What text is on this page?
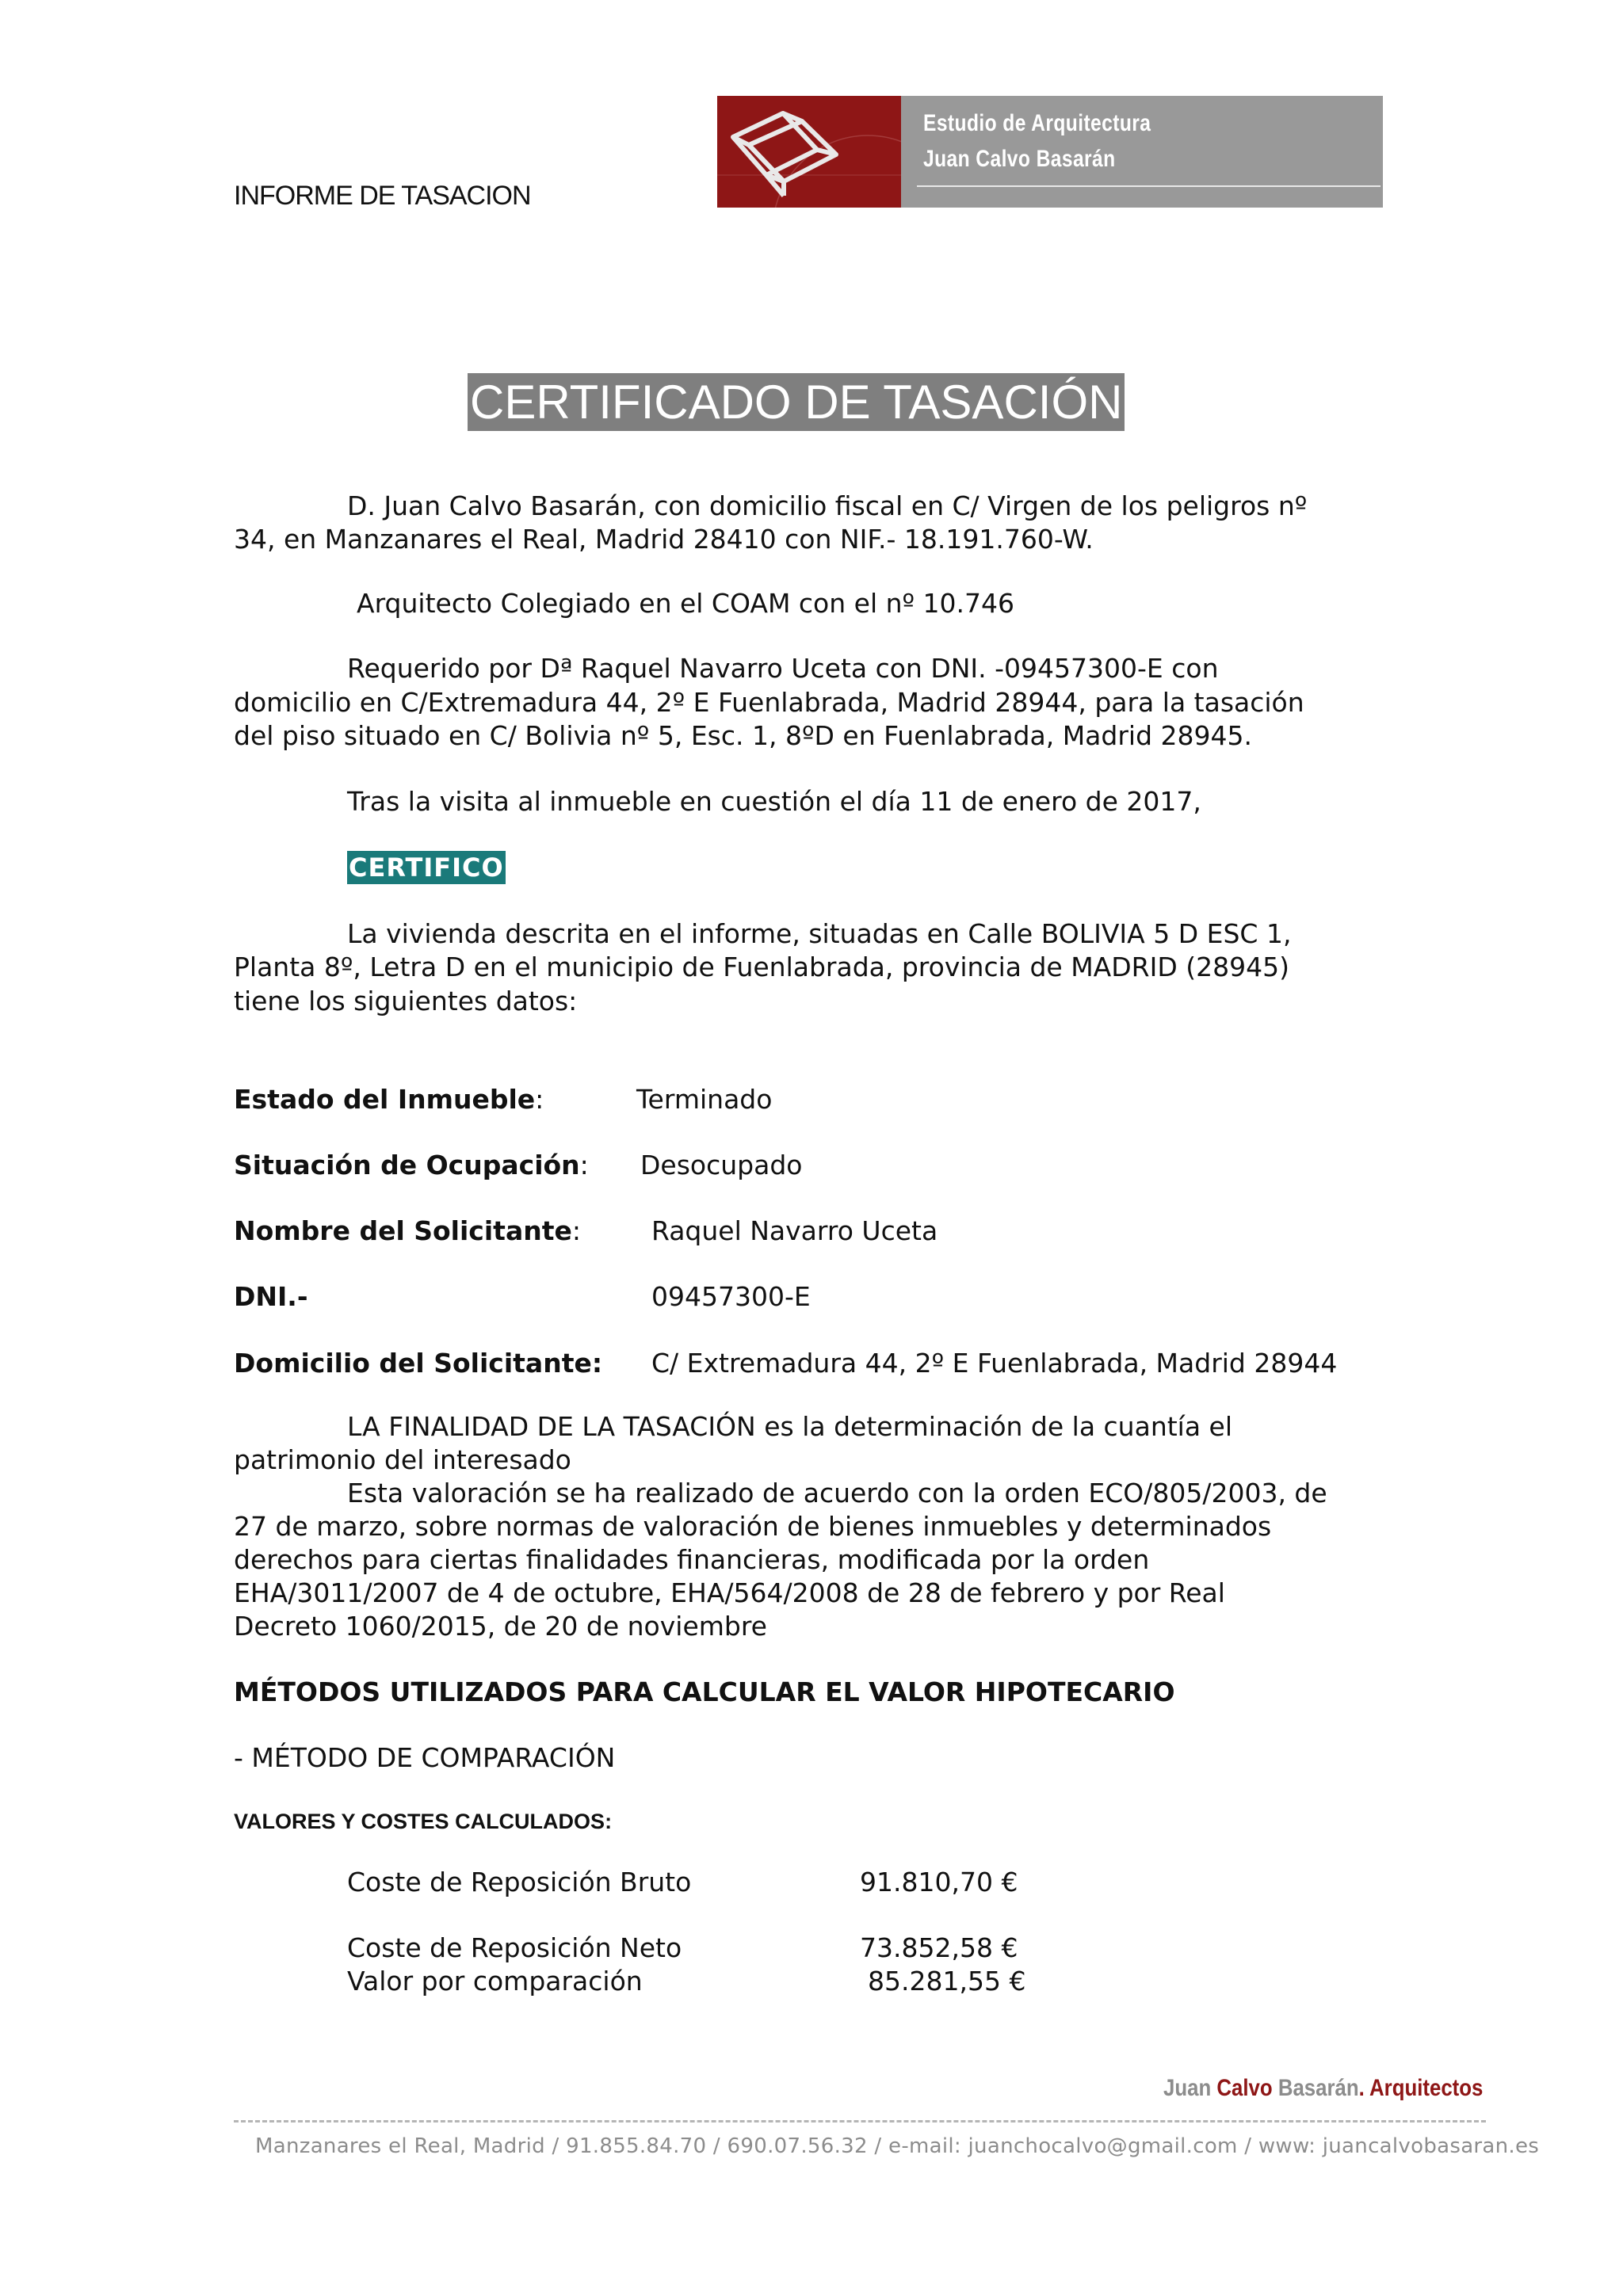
INFORME DE TASACION
Estudio de Arquitectura
Juan Calvo Basarán
CERTIFICADO DE TASACIÓN
D. Juan Calvo Basarán, con domicilio fiscal en C/ Virgen de los peligros nº
34, en Manzanares el Real, Madrid 28410 con NIF.- 18.191.760-W.
Arquitecto Colegiado en el COAM con el nº 10.746
Requerido por Dª Raquel Navarro Uceta con DNI. -09457300-E con
domicilio en C/Extremadura 44, 2º E Fuenlabrada, Madrid 28944, para la tasación
del piso situado en C/ Bolivia nº 5, Esc. 1, 8ºD en Fuenlabrada, Madrid 28945.
Tras la visita al inmueble en cuestión el día 11 de enero de 2017,
CERTIFICO
La vivienda descrita en el informe, situadas en Calle BOLIVIA 5 D ESC 1,
Planta 8º, Letra D en el municipio de Fuenlabrada, provincia de MADRID (28945)
tiene los siguientes datos:
Estado del Inmueble:	Terminado
Situación de Ocupación: Desocupado
Nombre del Solicitante:	Raquel Navarro Uceta
DNI.-	09457300-E
Domicilio del Solicitante: C/ Extremadura 44, 2º E Fuenlabrada, Madrid 28944
LA FINALIDAD DE LA TASACIÓN es la determinación de la cuantía el
patrimonio del interesado
Esta valoración se ha realizado de acuerdo con la orden ECO/805/2003, de
27 de marzo, sobre normas de valoración de bienes inmuebles y determinados
derechos para ciertas finalidades financieras, modificada por la orden
EHA/3011/2007 de 4 de octubre, EHA/564/2008 de 28 de febrero y por Real
Decreto 1060/2015, de 20 de noviembre
MÉTODOS UTILIZADOS PARA CALCULAR EL VALOR HIPOTECARIO
- MÉTODO DE COMPARACIÓN
VALORES Y COSTES CALCULADOS:
Coste de Reposición Bruto	91.810,70 €
Coste de Reposición Neto	73.852,58 €
Valor por comparación	85.281,55 €
Juan Calvo Basarán. Arquitectos
Manzanares el Real, Madrid / 91.855.84.70 / 690.07.56.32 / e-mail: juanchocalvo@gmail.com / www: juancalvobasaran.es
